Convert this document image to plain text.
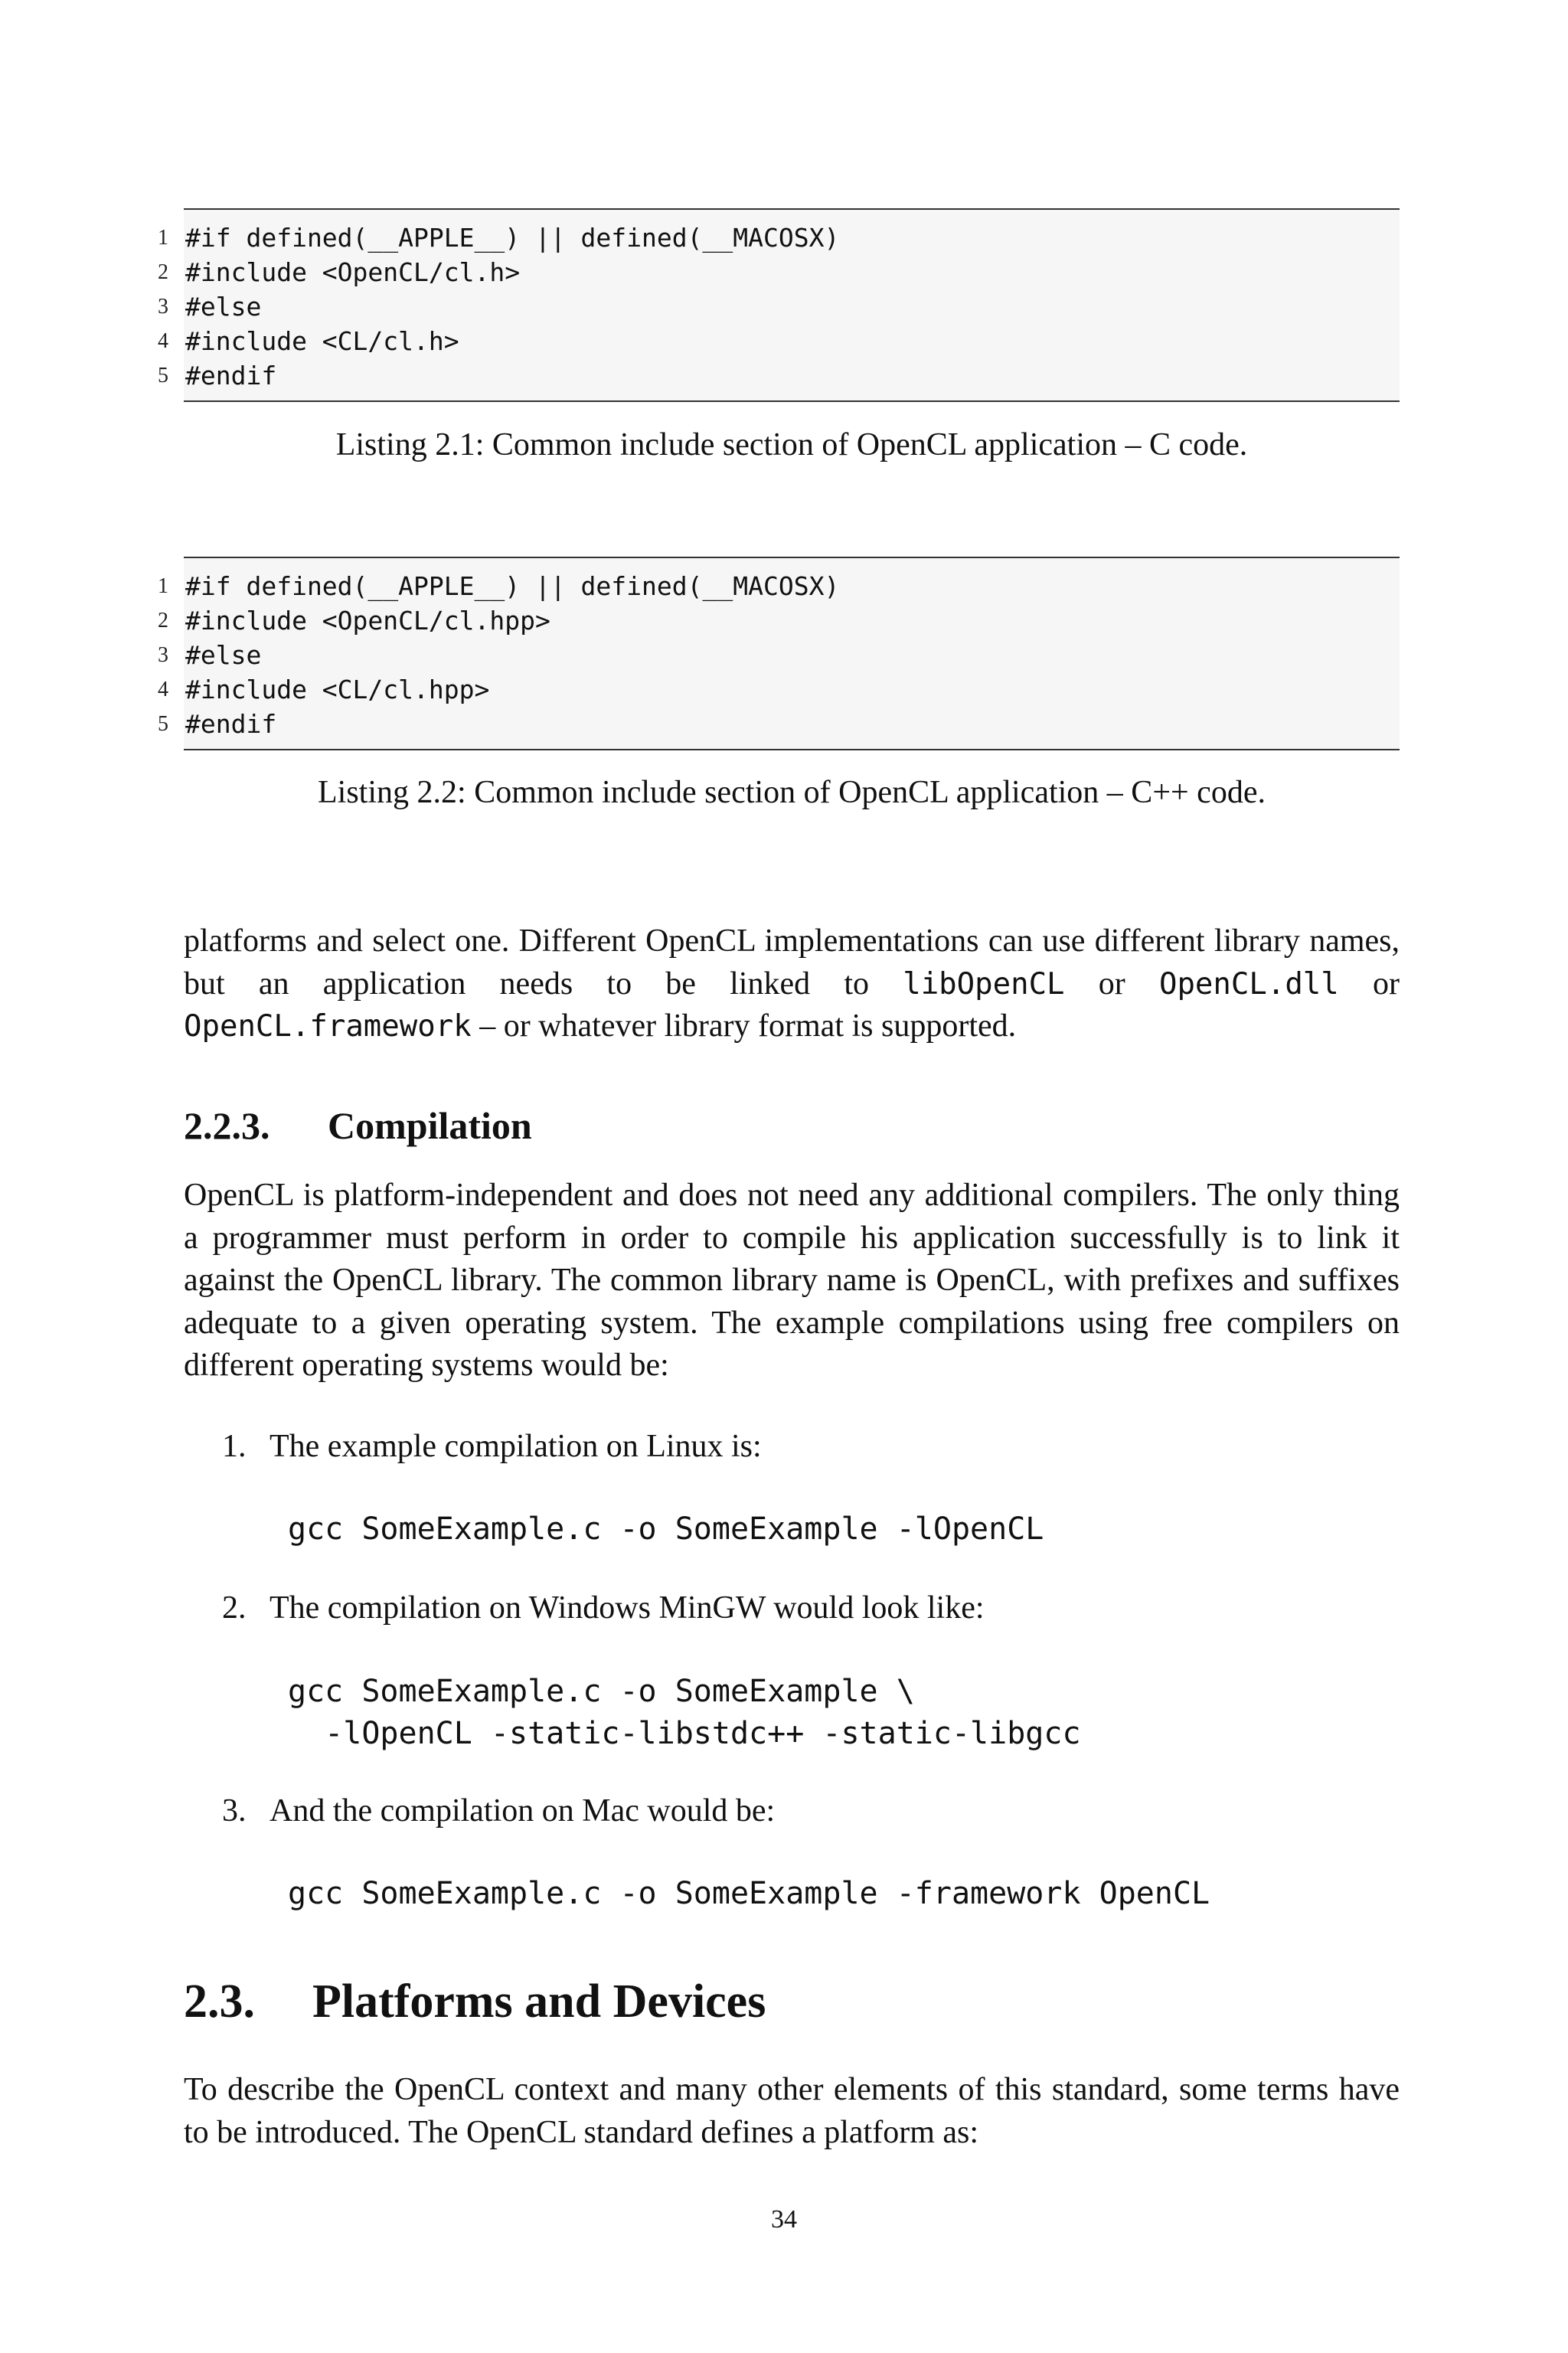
1 #if defined(__APPLE__) || defined(__MACOSX)
2 #include <OpenCL/cl.h>
3 #else
4 #include <CL/cl.h>
5 #endif
Listing 2.1: Common include section of OpenCL application – C code.
1 #if defined(__APPLE__) || defined(__MACOSX)
2 #include <OpenCL/cl.hpp>
3 #else
4 #include <CL/cl.hpp>
5 #endif
Listing 2.2: Common include section of OpenCL application – C++ code.
platforms and select one. Different OpenCL implementations can use different library names, but an application needs to be linked to libOpenCL or OpenCL.dll or OpenCL.framework – or whatever library format is supported.
2.2.3. Compilation
OpenCL is platform-independent and does not need any additional compilers. The only thing a programmer must perform in order to compile his application successfully is to link it against the OpenCL library. The common library name is OpenCL, with prefixes and suffixes adequate to a given operating system. The example compilations using free compilers on different operating systems would be:
1. The example compilation on Linux is:
gcc SomeExample.c -o SomeExample -lOpenCL
2. The compilation on Windows MinGW would look like:
gcc SomeExample.c -o SomeExample \
-lOpenCL -static-libstdc++ -static-libgcc
3. And the compilation on Mac would be:
gcc SomeExample.c -o SomeExample -framework OpenCL
2.3. Platforms and Devices
To describe the OpenCL context and many other elements of this standard, some terms have to be introduced. The OpenCL standard defines a platform as:
34
